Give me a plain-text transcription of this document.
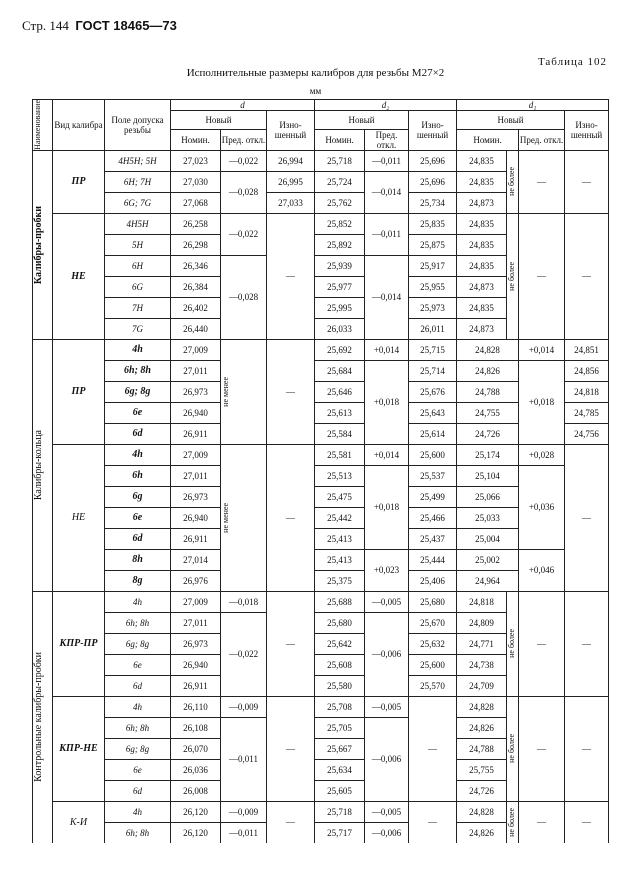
Стр. 144 ГОСТ 18465—73
Таблица 102
Исполнительные размеры калибров для резьбы М27×2
мм
Наименование	Вид калибра	Поле допуска резьбы	d			d₂			d₁			
			Новый		Изно- шенный	Новый		Изно- шенный	Новый			Изно- шенный
			Номин.	Пред. откл.		Номин.	Пред. откл.		Номин.		Пред. откл.	

Калибры-пробки	ПР	4H5H; 5H	27,023	—0,022	26,994	25,718	—0,011	25,696	24,835	не более	—	—
		6H; 7H	27,030	—0,028	26,995	25,724	—0,014	25,696	24,835			
		6G; 7G	27,068		27,033	25,762		25,734	24,873			
	НЕ	4H5H	26,258	—0,022	—	25,852	—0,011	25,835	24,835	не более	—	—
		5H	26,298			25,892		25,875	24,835			
		6H	26,346	—0,028		25,939	—0,014	25,917	24,835			
		6G	26,384			25,977		25,955	24,873			
		7H	26,402			25,995		25,973	24,835			
		7G	26,440			26,033		26,011	24,873			

Калибры-кольца	ПР	4h	27,009	не менее	—	25,692	+0,014	25,715	24,828		+0,014	24,851
		6h; 8h	27,011			25,684	+0,018	25,714	24,826		+0,018	24,856
		6g; 8g	26,973			25,646		25,676	24,788			24,818
		6e	26,940			25,613		25,643	24,755			24,785
		6d	26,911			25,584		25,614	24,726			24,756
	НЕ	4h	27,009	не менее	—	25,581	+0,014	25,600	25,174		+0,028	—
		6h	27,011			25,513	+0,018	25,537	25,104		+0,036	
		6g	26,973			25,475		25,499	25,066			
		6e	26,940			25,442		25,466	25,033			
		6d	26,911			25,413		25,437	25,004			
		8h	27,014			25,413	+0,023	25,444	25,002		+0,046	
		8g	26,976			25,375		25,406	24,964			

Контрольные калибры-пробки	КПР-ПР	4h	27,009	—0,018	—	25,688	—0,005	25,680	24,818	не более	—	—
		6h; 8h	27,011	—0,022		25,680	—0,006	25,670	24,809			
		6g; 8g	26,973			25,642		25,632	24,771			
		6e	26,940			25,608		25,600	24,738			
		6d	26,911			25,580		25,570	24,709			
	КПР-НЕ	4h	26,110	—0,009	—	25,708	—0,005	—	24,828	не более	—	—
		6h; 8h	26,108	—0,011		25,705	—0,006		24,826			
		6g; 8g	26,070			25,667			24,788			
		6e	26,036			25,634			25,755			
		6d	26,008			25,605			24,726			
	К-И	4h	26,120	—0,009	—	25,718	—0,005	—	24,828	не более	—	—
		6h; 8h	26,120	—0,011		25,717	—0,006		24,826			
